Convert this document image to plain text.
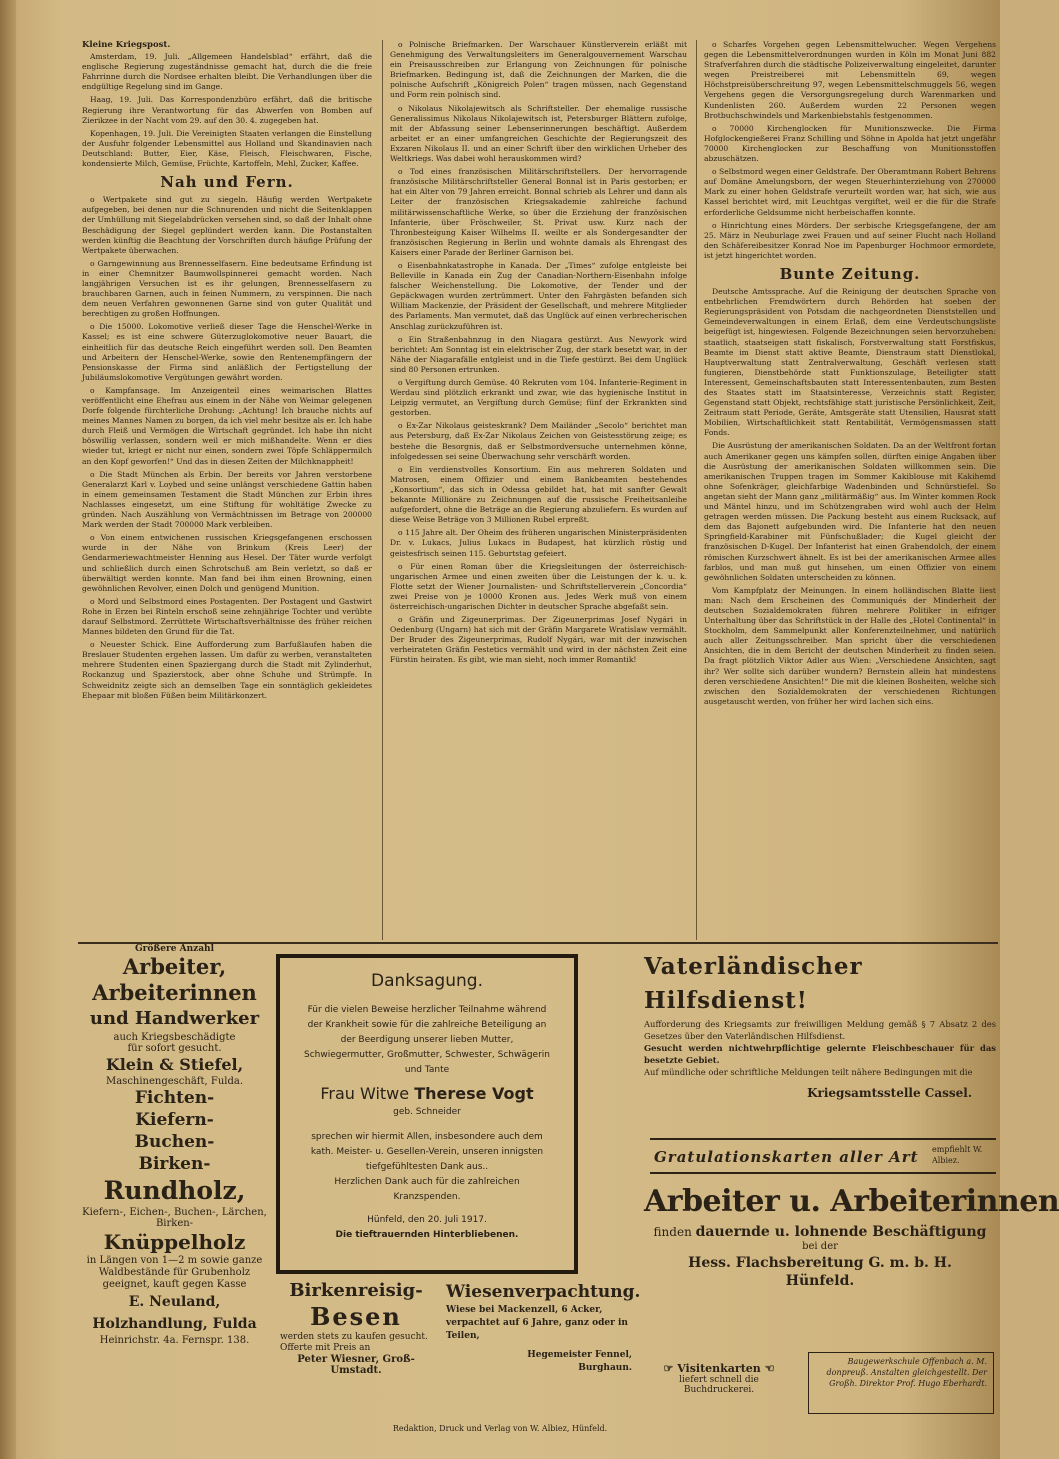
Kleine Kriegspost.

Amsterdam, 19. Juli. „Allgemeen Handelsblad“ erfährt, daß die englische Regierung zugeständnisse gemacht hat, durch die die freie Fahrrinne durch die Nordsee erhalten bleibt. Die Verhandlungen über die endgültige Regelung sind im Gange.

Haag, 19. Juli. Das Korrespondenzbüro erfährt, daß die britische Regierung ihre Verantwortung für das Abwerfen von Bomben auf Zierikzee in der Nacht vom 29. auf den 30. 4. zugegeben hat.

Kopenhagen, 19. Juli. Die Vereinigten Staaten verlangen die Einstellung der Ausfuhr folgender Lebensmittel aus Holland und Skandinavien nach Deutschland: Butter, Eier, Käse, Fleisch, Fleischwaren, Fische, kondensierte Milch, Gemüse, Früchte, Kartoffeln, Mehl, Zucker, Kaffee.

Nah und Fern.

o Wertpakete sind gut zu siegeln. Häufig werden Wertpakete aufgegeben, bei denen nur die Schnurenden und nicht die Seitenklappen der Umhüllung mit Siegelabdrücken versehen sind, so daß der Inhalt ohne Beschädigung der Siegel geplündert werden kann. Die Postanstalten werden künftig die Beachtung der Vorschriften durch häufige Prüfung der Wertpakete überwachen.

o Garngewinnung aus Brennesselfasern. Eine bedeutsame Erfindung ist in einer Chemnitzer Baumwollspinnerei gemacht worden. Nach langjährigen Versuchen ist es ihr gelungen, Brennesselfasern zu brauchbaren Garnen, auch in feinen Nummern, zu verspinnen. Die nach dem neuen Verfahren gewonnenen Garne sind von guter Qualität und berechtigen zu großen Hoffnungen.

o Die 15000. Lokomotive verließ dieser Tage die Henschel-Werke in Kassel; es ist eine schwere Güterzuglokomotive neuer Bauart, die einheitlich für das deutsche Reich eingeführt werden soll. Den Beamten und Arbeitern der Henschel-Werke, sowie den Rentenempfängern der Pensionskasse der Firma sind anläßlich der Fertigstellung der Jubiläumslokomotive Vergütungen gewährt worden.

o Kampfansage. Im Anzeigenteil eines weimarischen Blattes veröffentlicht eine Ehefrau aus einem in der Nähe von Weimar gelegenen Dorfe folgende fürchterliche Drohung: „Achtung! Ich brauche nichts auf meines Mannes Namen zu borgen, da ich viel mehr besitze als er. Ich habe durch Fleiß und Vermögen die Wirtschaft gegründet. Ich habe ihn nicht böswillig verlassen, sondern weil er mich mißhandelte. Wenn er dies wieder tut, kriegt er nicht nur einen, sondern zwei Töpfe Schläppermilch an den Kopf geworfen!“ Und das in diesen Zeiten der Milchknappheit!

o Die Stadt München als Erbin. Der bereits vor Jahren verstorbene Generalarzt Karl v. Loybed und seine unlängst verschiedene Gattin haben in einem gemeinsamen Testament die Stadt München zur Erbin ihres Nachlasses eingesetzt, um eine Stiftung für wohltätige Zwecke zu gründen. Nach Auszählung von Vermächtnissen im Betrage von 200000 Mark werden der Stadt 700000 Mark verbleiben.

o Von einem entwichenen russischen Kriegsgefangenen erschossen wurde in der Nähe von Brinkum (Kreis Leer) der Gendarmeriewachtmeister Henning aus Hesel. Der Täter wurde verfolgt und schließlich durch einen Schrotschuß am Bein verletzt, so daß er überwältigt werden konnte. Man fand bei ihm einen Browning, einen gewöhnlichen Revolver, einen Dolch und genügend Munition.

o Mord und Selbstmord eines Postagenten. Der Postagent und Gastwirt Rohe in Erzen bei Rinteln erschoß seine zehnjährige Tochter und verübte darauf Selbstmord. Zerrüttete Wirtschaftsverhältnisse des früher reichen Mannes bildeten den Grund für die Tat.

o Neuester Schick. Eine Aufforderung zum Barfußlaufen haben die Breslauer Studenten ergehen lassen. Um dafür zu werben, veranstalteten mehrere Studenten einen Spaziergang durch die Stadt mit Zylinderhut, Rockanzug und Spazierstock, aber ohne Schuhe und Strümpfe. In Schweidnitz zeigte sich an demselben Tage ein sonntäglich gekleidetes Ehepaar mit bloßen Füßen beim Militärkonzert.

o Polnische Briefmarken. Der Warschauer Künstlerverein erläßt mit Genehmigung des Verwaltungsleiters im Generalgouvernement Warschau ein Preisausschreiben zur Erlangung von Zeichnungen für polnische Briefmarken. Bedingung ist, daß die Zeichnungen der Marken, die die polnische Aufschrift „Königreich Polen“ tragen müssen, nach Gegenstand und Form rein polnisch sind.

o Nikolaus Nikolajewitsch als Schriftsteller. Der ehemalige russische Generalissimus Nikolaus Nikolajewitsch ist, Petersburger Blättern zufolge, mit der Abfassung seiner Lebenserinnerungen beschäftigt. Außerdem arbeitet er an einer umfangreichen Geschichte der Regierungszeit des Exzaren Nikolaus II. und an einer Schrift über den wirklichen Urheber des Weltkriegs. Was dabei wohl herauskommen wird?

o Tod eines französischen Militärschriftstellers. Der hervorragende französische Militärschriftsteller General Bonnal ist in Paris gestorben; er hat ein Alter von 79 Jahren erreicht. Bonnal schrieb als Lehrer und dann als Leiter der französischen Kriegsakademie zahlreiche fachund militärwissenschaftliche Werke, so über die Erziehung der französischen Infanterie, über Fröschweiler, St. Privat usw. Kurz nach der Thronbesteigung Kaiser Wilhelms II. weilte er als Sondergesandter der französischen Regierung in Berlin und wohnte damals als Ehrengast des Kaisers einer Parade der Berliner Garnison bei.

o Eisenbahnkatastrophe in Kanada. Der „Times“ zufolge entgleiste bei Belleville in Kanada ein Zug der Canadian-Northern-Eisenbahn infolge falscher Weichenstellung. Die Lokomotive, der Tender und der Gepäckwagen wurden zertrümmert. Unter den Fahrgästen befanden sich William Mackenzie, der Präsident der Gesellschaft, und mehrere Mitglieder des Parlaments. Man vermutet, daß das Unglück auf einen verbrecherischen Anschlag zurückzuführen ist.

o Ein Straßenbahnzug in den Niagara gestürzt. Aus Newyork wird berichtet: Am Sonntag ist ein elektrischer Zug, der stark besetzt war, in der Nähe der Niagarafälle entgleist und in die Tiefe gestürzt. Bei dem Unglück sind 80 Personen ertrunken.

o Vergiftung durch Gemüse. 40 Rekruten vom 104. Infanterie-Regiment in Werdau sind plötzlich erkrankt und zwar, wie das hygienische Institut in Leipzig vermutet, an Vergiftung durch Gemüse; fünf der Erkrankten sind gestorben.

o Ex-Zar Nikolaus geisteskrank? Dem Mailänder „Secolo“ berichtet man aus Petersburg, daß Ex-Zar Nikolaus Zeichen von Geistesstörung zeige; es bestehe die Besorgnis, daß er Selbstmordversuche unternehmen könne, infolgedessen sei seine Überwachung sehr verschärft worden.

o Ein verdienstvolles Konsortium. Ein aus mehreren Soldaten und Matrosen, einem Offizier und einem Bankbeamten bestehendes „Konsortium“, das sich in Odessa gebildet hat, hat mit sanfter Gewalt bekannte Millionäre zu Zeichnungen auf die russische Freiheitsanleihe aufgefordert, ohne die Beträge an die Regierung abzuliefern. Es wurden auf diese Weise Beträge von 3 Millionen Rubel erpreßt.

o 115 Jahre alt. Der Oheim des früheren ungarischen Ministerpräsidenten Dr. v. Lukacs, Julius Lukacs in Budapest, hat kürzlich rüstig und geistesfrisch seinen 115. Geburtstag gefeiert.

o Für einen Roman über die Kriegsleitungen der österreichisch-ungarischen Armee und einen zweiten über die Leistungen der k. u. k. Flotte setzt der Wiener Journalisten- und Schriftstellerverein „Concordia“ zwei Preise von je 10000 Kronen aus. Jedes Werk muß von einem österreichisch-ungarischen Dichter in deutscher Sprache abgefaßt sein.

o Gräfin und Zigeunerprimas. Der Zigeunerprimas Josef Nygári in Oedenburg (Ungarn) hat sich mit der Gräfin Margarete Wratislaw vermählt. Der Bruder des Zigeunerprimas, Rudolf Nygári, war mit der inzwischen verheirateten Gräfin Festetics vermählt und wird in der nächsten Zeit eine Fürstin heiraten. Es gibt, wie man sieht, noch immer Romantik!

o Scharfes Vorgehen gegen Lebensmittelwucher. Wegen Vergehens gegen die Lebensmittelverordnungen wurden in Köln im Monat Juni 882 Strafverfahren durch die städtische Polizeiverwaltung eingeleitet, darunter wegen Preistreiberei mit Lebensmitteln 69, wegen Höchstpreisüberschreitung 97, wegen Lebensmittelschmuggels 56, wegen Vergehens gegen die Versorgungsregelung durch Warenmarken und Kundenlisten 260. Außerdem wurden 22 Personen wegen Brotbuchschwindels und Markenbiebstahls festgenommen.

o 70000 Kirchenglocken für Munitionszwecke. Die Firma Hofglockengießerei Franz Schilling und Söhne in Apolda hat jetzt ungefähr 70000 Kirchenglocken zur Beschaffung von Munitionsstoffen abzuschätzen.

o Selbstmord wegen einer Geldstrafe. Der Oberamtmann Robert Behrens auf Domäne Amelungsborn, der wegen Steuerhinterziehung von 270000 Mark zu einer hohen Geldstrafe verurteilt worden war, hat sich, wie aus Kassel berichtet wird, mit Leuchtgas vergiftet, weil er die für die Strafe erforderliche Geldsumme nicht herbeischaffen konnte.

o Hinrichtung eines Mörders. Der serbische Kriegsgefangene, der am 25. März in Neuburlage zwei Frauen und auf seiner Flucht nach Holland den Schäfereibesitzer Konrad Noe im Papenburger Hochmoor ermordete, ist jetzt hingerichtet worden.

Bunte Zeitung.

Deutsche Amtssprache. Auf die Reinigung der deutschen Sprache von entbehrlichen Fremdwörtern durch Behörden hat soeben der Regierungspräsident von Potsdam die nachgeordneten Dienststellen und Gemeindeverwaltungen in einem Erlaß, dem eine Verdeutschungsliste beigefügt ist, hingewiesen. Folgende Bezeichnungen seien hervorzuheben: staatlich, staatseigen statt fiskalisch, Forstverwaltung statt Forstfiskus, Beamte im Dienst statt aktive Beamte, Dienstraum statt Dienstlokal, Hauptverwaltung statt Zentralverwaltung, Geschäft verlesen statt fungieren, Dienstbehörde statt Funktionszulage, Beteiligter statt Interessent, Gemeinschaftsbauten statt Interessentenbauten, zum Besten des Staates statt im Staatsinteresse, Verzeichnis statt Register, Gegenstand statt Objekt, rechtsfähige statt juristische Persönlichkeit, Zeit, Zeitraum statt Periode, Geräte, Amtsgeräte statt Utensilien, Hausrat statt Mobilien, Wirtschaftlichkeit statt Rentabilität, Vermögensmassen statt Fonds.

Die Ausrüstung der amerikanischen Soldaten. Da an der Weltfront fortan auch Amerikaner gegen uns kämpfen sollen, dürften einige Angaben über die Ausrüstung der amerikanischen Soldaten willkommen sein. Die amerikanischen Truppen tragen im Sommer Kakiblouse mit Kakihemd ohne Sofenkräger, gleichfarbige Wadenbinden und Schnürstiefel. So angetan sieht der Mann ganz „militärmäßig“ aus. Im Winter kommen Rock und Mäntel hinzu, und im Schützengraben wird wohl auch der Helm getragen werden müssen. Die Packung besteht aus einem Rucksack, auf dem das Bajonett aufgebunden wird. Die Infanterie hat den neuen Springfield-Karabiner mit Fünfschußlader; die Kugel gleicht der französischen D-Kugel. Der Infanterist hat einen Grabendolch, der einem römischen Kurzschwert ähnelt. Es ist bei der amerikanischen Armee alles farblos, und man muß gut hinsehen, um einen Offizier von einem gewöhnlichen Soldaten unterscheiden zu können.

Vom Kampfplatz der Meinungen. In einem holländischen Blatte liest man: Nach dem Erscheinen des Communiqués der Minderheit der deutschen Sozialdemokraten führen mehrere Politiker in eifriger Unterhaltung über das Schriftstück in der Halle des „Hotel Continental“ in Stockholm, dem Sammelpunkt aller Konferenzteilnehmer, und natürlich auch aller Zeitungsschreiber. Man spricht über die verschiedenen Ansichten, die in dem Bericht der deutschen Minderheit zu finden seien. Da fragt plötzlich Viktor Adler aus Wien: „Verschiedene Ansichten, sagt ihr? Wer sollte sich darüber wundern? Bernstein allein hat mindestens deren verschiedene Ansichten!“ Die mit die kleinen Bosheiten, welche sich zwischen den Sozialdemokraten der verschiedenen Richtungen ausgetauscht werden, von früher her wird lachen sich eins.

Größere Anzahl
Arbeiter,
Arbeiterinnen
und Handwerker
auch Kriegsbeschädigte
für sofort gesucht.
Klein & Stiefel,
Maschinengeschäft, Fulda.
Fichten-
Kiefern-
Buchen-
Birken-
Rundholz,
Kiefern-, Eichen-, Buchen-, Lärchen, Birken-
Knüppelholz
in Längen von 1—2 m sowie ganze Waldbestände für Grubenholz geeignet, kauft gegen Kasse
E. Neuland, Holzhandlung, Fulda
Heinrichstr. 4a. Fernspr. 138.
Danksagung.
Für die vielen Beweise herzlicher Teilnahme während der Krankheit sowie für die zahlreiche Beteiligung an der Beerdigung unserer lieben Mutter, Schwiegermutter, Großmutter, Schwester, Schwägerin und Tante
Frau Witwe Therese Vogt
geb. Schneider
sprechen wir hiermit Allen, insbesondere auch dem kath. Meister- u. Gesellen-Verein, unseren innigsten tiefgefühltesten Dank aus..
Herzlichen Dank auch für die zahlreichen Kranzspenden.
Hünfeld, den 20. Juli 1917.
Die tieftrauernden Hinterbliebenen.
Birkenreisig-
Besen
werden stets zu kaufen gesucht. Offerte mit Preis an
Peter Wiesner, Groß-Umstadt.
Wiesenverpachtung.
Wiese bei Mackenzell, 6 Acker, verpachtet auf 6 Jahre, ganz oder in Teilen,
Hegemeister Fennel,
Burghaun.
Vaterländischer Hilfsdienst!
Aufforderung des Kriegsamts zur freiwilligen Meldung gemäß § 7 Absatz 2 des Gesetzes über den Vaterländischen Hilfsdienst.
Gesucht werden nichtwehrpflichtige gelernte Fleischbeschauer für das besetzte Gebiet.
Auf mündliche oder schriftliche Meldungen teilt nähere Bedingungen mit die
Kriegsamtsstelle Cassel.
Gratulationskarten aller Art empfiehlt W. Albiez.
Arbeiter u. Arbeiterinnen
finden dauernde u. lohnende Beschäftigung
bei der
Hess. Flachsbereitung G. m. b. H.
Hünfeld.
☞ Visitenkarten ☜
liefert schnell die Buchdruckerei.
Baugewerkschule Offenbach a. M. donpreuß. Anstalten gleichgestellt. Der Großh. Direktor Prof. Hugo Eberhardt.
Redaktion, Druck und Verlag von W. Albiez, Hünfeld.
